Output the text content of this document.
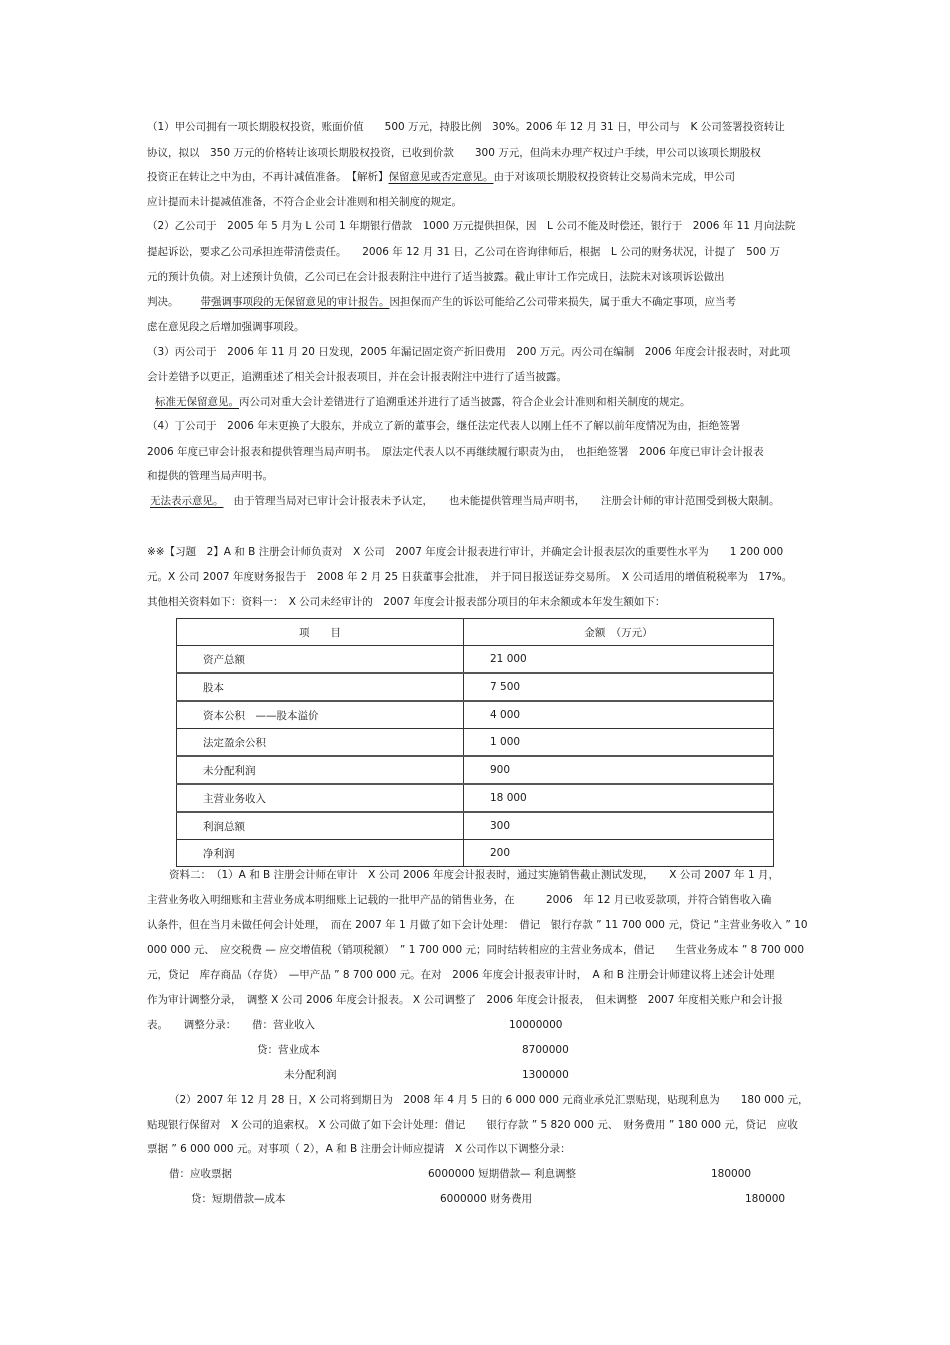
（1）甲公司拥有一项长期股权投资，账面价值　　500 万元，持股比例　30%。2006 年 12 月 31 日，甲公司与　K 公司签署投资转让
协议，拟以　350 万元的价格转让该项长期股权投资，已收到价款　　300 万元，但尚未办理产权过户手续，甲公司以该项长期股权
投资正在转让之中为由，不再计减值准备。　【解析】保留意见或否定意见。由于对该项长期股权投资转让交易尚未完成，甲公司
应计提而未计提减值准备，不符合企业会计准则和相关制度的规定。
（2）乙公司于　2005 年 5 月为 L 公司 1 年期银行借款　1000 万元提供担保，因　L 公司不能及时偿还，银行于　2006 年 11 月向法院
提起诉讼，要求乙公司承担连带清偿责任。　　2006 年 12 月 31 日，乙公司在咨询律师后，根据　L 公司的财务状况，计提了　500 万
元的预计负债。对上述预计负债，乙公司已在会计报表附注中进行了适当披露。截止审计工作完成日，法院未对该项诉讼做出
判决。 带强调事项段的无保留意见的审计报告。因担保而产生的诉讼可能给乙公司带来损失，属于重大不确定事项，应当考
虑在意见段之后增加强调事项段。
（3）丙公司于　2006 年 11 月 20 日发现，2005 年漏记固定资产折旧费用　200 万元。丙公司在编制　2006 年度会计报表时，对此项
会计差错予以更正，追溯重述了相关会计报表项目，并在会计报表附注中进行了适当披露。
标准无保留意见。丙公司对重大会计差错进行了追溯重述并进行了适当披露，符合企业会计准则和相关制度的规定。
（4）丁公司于　2006 年末更换了大股东，并成立了新的董事会，继任法定代表人以刚上任不了解以前年度情况为由，拒绝签署
2006 年度已审会计报表和提供管理当局声明书。　原法定代表人以不再继续履行职责为由，　也拒绝签署　2006 年度已审计会计报表
和提供的管理当局声明书。
无法表示意见。 由于管理当局对已审计会计报表未予认定，　　也未能提供管理当局声明书，　　注册会计师的审计范围受到极大限制。
※※【习题　2】A 和 B 注册会计师负责对　X 公司　2007 年度会计报表进行审计，并确定会计报表层次的重要性水平为　　1 200 000
元。X 公司 2007 年度财务报告于　2008 年 2 月 25 日获董事会批准，　并于同日报送证券交易所。　X 公司适用的增值税税率为　17%。
其他相关资料如下：资料一：　X 公司未经审计的　2007 年度会计报表部分项目的年末余额或本年发生额如下：
项　　目	金额　（万元）
资产总额	21 000
股本	7 500
资本公积　——股本溢价	4 000
法定盈余公积	1 000
未分配利润	900
主营业务收入	18 000
利润总额	300
净利润	200
资料二：　（1）A 和 B 注册会计师在审计　X 公司 2006 年度会计报表时，通过实施销售截止测试发现，　　X 公司 2007 年 1 月，
主营业务收入明细账和主营业务成本明细账上记载的一批甲产品的销售业务，在　　　2006　年 12 月已收妥款项，并符合销售收入确
认条件，但在当月未做任何会计处理，　而在 2007 年 1 月做了如下会计处理：　借记　银行存款 ” 11 700 000 元，贷记 “主营业务收入 ” 10
000 000 元、　应交税费 — 应交增值税（销项税额）　” 1 700 000 元；同时结转相应的主营业务成本，借记　　生营业务成本 ” 8 700 000
元，贷记　库存商品（存货）　—甲产品 ” 8 700 000 元。在对　2006 年度会计报表审计时，　A 和 B 注册会计师建议将上述会计处理
作为审计调整分录，　调整 X 公司 2006 年度会计报表。 X 公司调整了　2006 年度会计报表，　但未调整　2007 年度相关账户和会计报
表。　　调整分录：　　借：营业收入	10000000
贷：营业成本	8700000
未分配利润	1300000
（2）2007 年 12 月 28 日，X 公司将到期日为　2008 年 4 月 5 日的 6 000 000 元商业承兑汇票贴现，贴现利息为　　180 000 元，
贴现银行保留对　X 公司的追索权。 X 公司做了如下会计处理：借记　　银行存款 ” 5 820 000 元、　财务费用 ” 180 000 元，贷记　应收
票据 ” 6 000 000 元。对事项（ 2），A 和 B 注册会计师应提请　X 公司作以下调整分录：
借：应收票据	6000000 短期借款— 利息调整	180000
贷：短期借款—成本	6000000 财务费用	180000
